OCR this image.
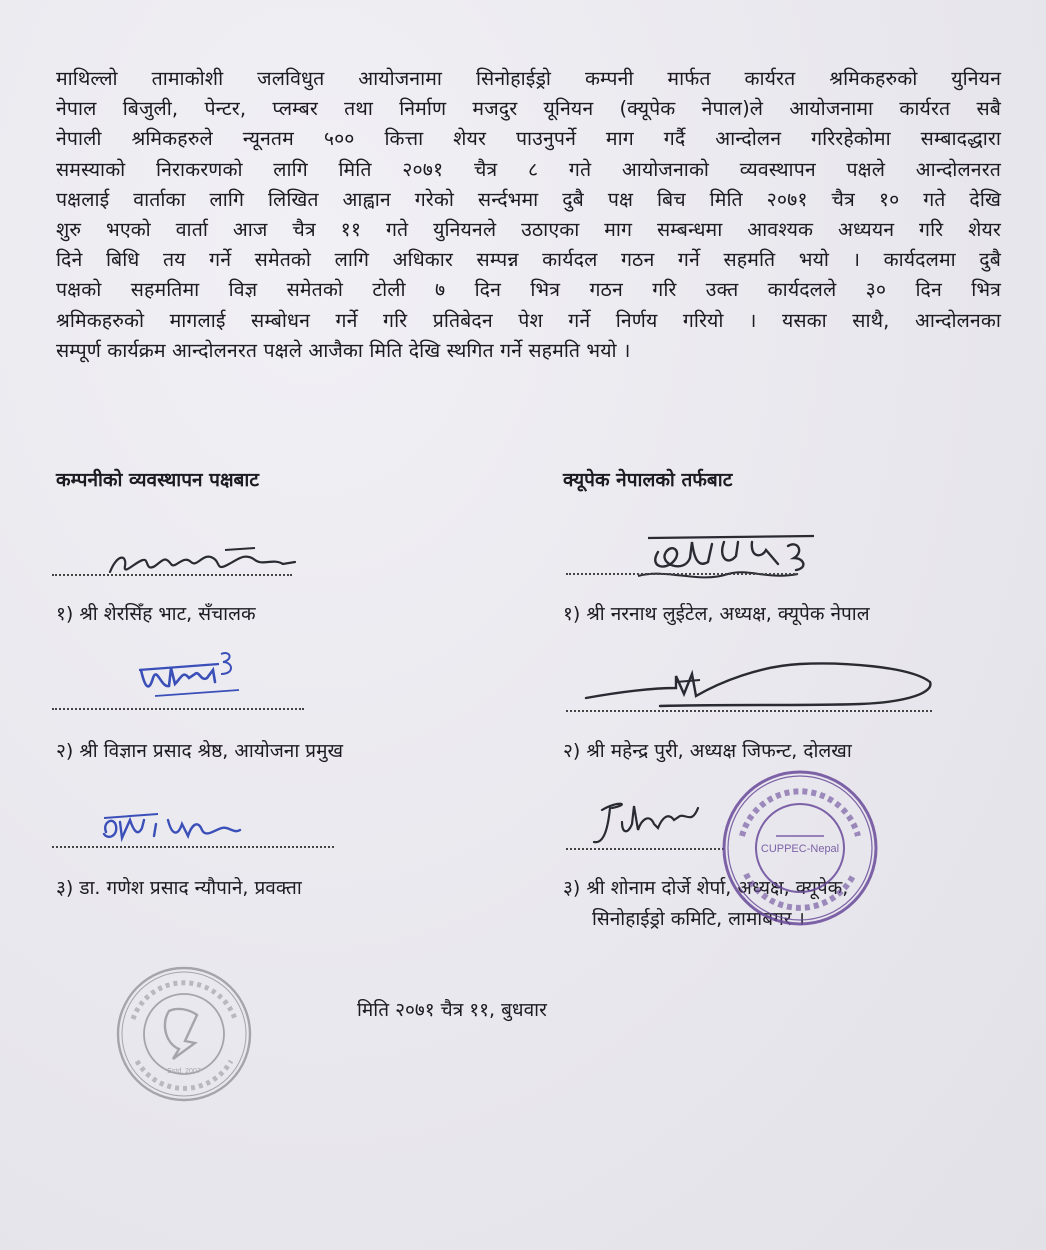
माथिल्लो तामाकोशी जलविधुत आयोजनामा सिनोहाईड्रो कम्पनी मार्फत कार्यरत श्रमिकहरुको युनियन
नेपाल बिजुली, पेन्टर, प्लम्बर तथा निर्माण मजदुर यूनियन (क्यूपेक नेपाल)ले आयोजनामा कार्यरत सबै
नेपाली श्रमिकहरुले न्यूनतम ५०० कित्ता शेयर पाउनुपर्ने माग गर्दै आन्दोलन गरिरहेकोमा सम्बादद्धारा
समस्याको निराकरणको लागि मिति २०७१ चैत्र ८ गते आयोजनाको व्यवस्थापन पक्षले आन्दोलनरत
पक्षलाई वार्ताका लागि लिखित आह्वान गरेको सर्न्दभमा दुबै पक्ष बिच मिति २०७१ चैत्र १० गते देखि
शुरु भएको वार्ता आज चैत्र ११ गते युनियनले उठाएका माग सम्बन्धमा आवश्यक अध्ययन गरि शेयर
दिने बिधि तय गर्ने समेतको लागि अधिकार सम्पन्न कार्यदल गठन गर्ने सहमति भयो । कार्यदलमा दुबै
पक्षको सहमतिमा विज्ञ समेतको टोली ७ दिन भित्र गठन गरि उक्त कार्यदलले ३० दिन भित्र
श्रमिकहरुको मागलाई सम्बोधन गर्ने गरि प्रतिबेदन पेश गर्ने निर्णय गरियो । यसका साथै, आन्दोलनका
सम्पूर्ण कार्यक्रम आन्दोलनरत पक्षले आजैका मिति देखि स्थगित गर्ने सहमति भयो ।
कम्पनीको व्यवस्थापन पक्षबाट	क्यूपेक नेपालको तर्फबाट
१) श्री शेरसिँह भाट, सँचालक
२) श्री विज्ञान प्रसाद श्रेष्ठ, आयोजना प्रमुख
३) डा. गणेश प्रसाद न्यौपाने, प्रवक्ता
१) श्री नरनाथ लुईटेल, अध्यक्ष, क्यूपेक नेपाल
२) श्री महेन्द्र पुरी, अध्यक्ष जिफन्ट, दोलखा
३) श्री शोनाम दोर्जे शेर्पा, अध्यक्ष, क्यूपेक,
सिनोहाईड्रो कमिटि, लामाबगर ।
CUPPEC-Nepal
Estd. 2007
मिति २०७१ चैत्र ११, बुधवार
